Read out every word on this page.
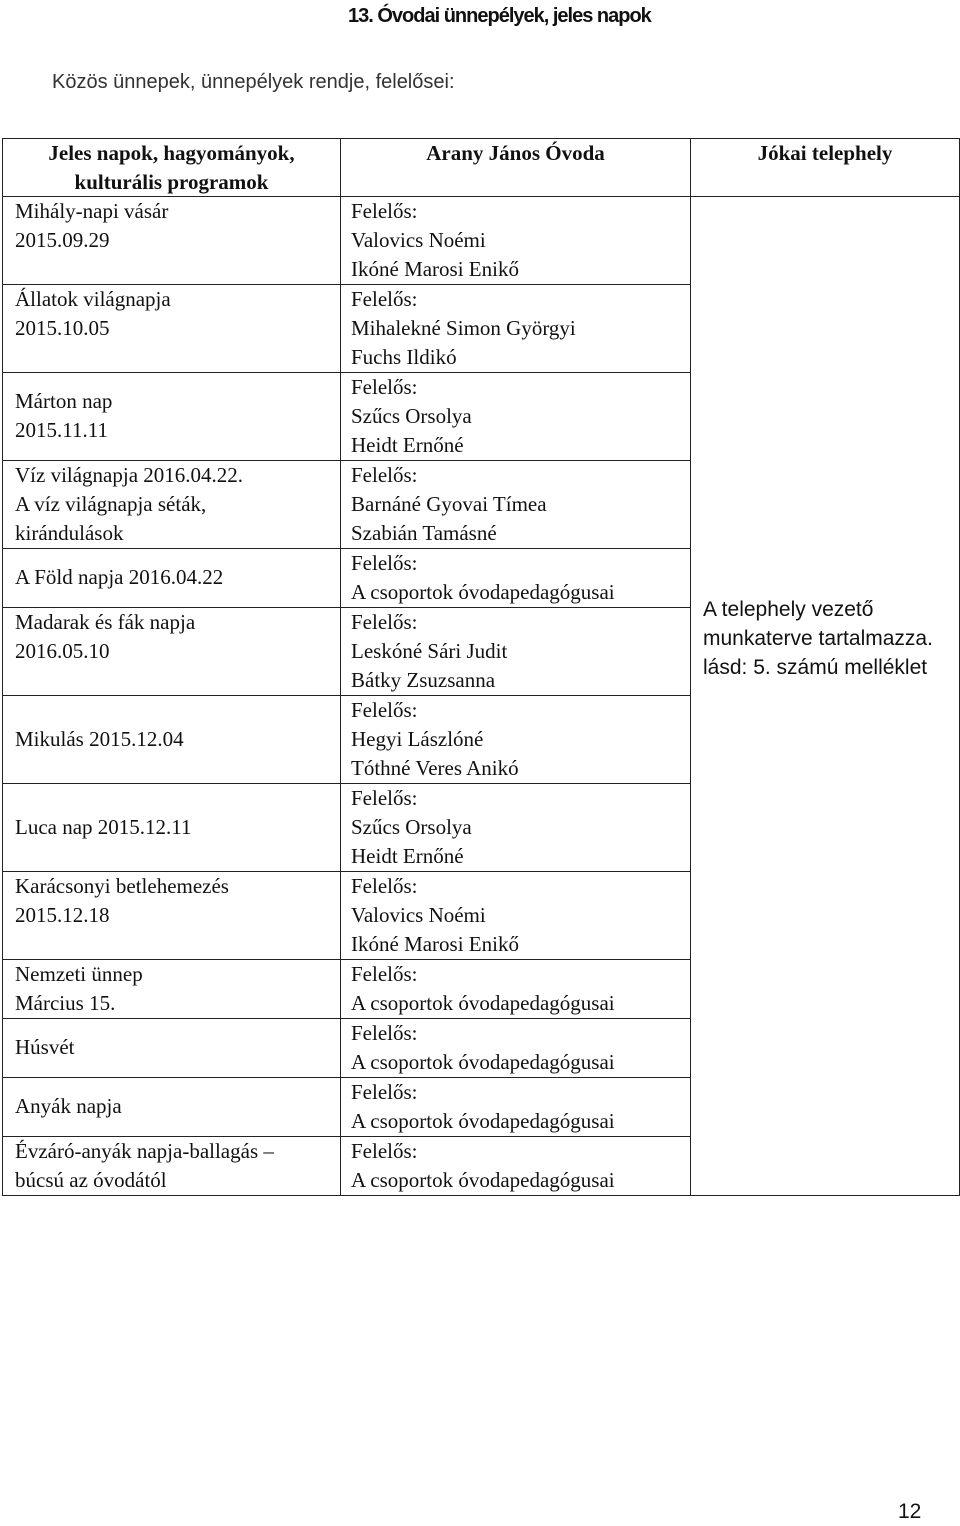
13. Óvodai ünnepélyek, jeles napok
Közös ünnepek, ünnepélyek rendje, felelősei:
Jeles napok, hagyományok,
kulturális programok	Arany János Óvoda	Jókai telephely

Mihály-napi vásár
2015.09.29	Felelős:
Valovics Noémi
Ikóné Marosi Enikő	A telephely vezető
munkaterve tartalmazza.
lásd: 5. számú melléklet

Állatok világnapja
2015.10.05	Felelős:
Mihalekné Simon Györgyi
Fuchs Ildikó	

Márton nap
2015.11.11	Felelős:
Szűcs Orsolya
Heidt Ernőné	

Víz világnapja 2016.04.22.
A víz világnapja séták,
kirándulások	Felelős:
Barnáné Gyovai Tímea
Szabián Tamásné	

A Föld napja 2016.04.22	Felelős:
A csoportok óvodapedagógusai	

Madarak és fák napja
2016.05.10	Felelős:
Leskóné Sári Judit
Bátky Zsuzsanna	

Mikulás 2015.12.04	Felelős:
Hegyi Lászlóné
Tóthné Veres Anikó	

Luca nap 2015.12.11	Felelős:
Szűcs Orsolya
Heidt Ernőné	

Karácsonyi betlehemezés
2015.12.18	Felelős:
Valovics Noémi
Ikóné Marosi Enikő	

Nemzeti ünnep
Március 15.	Felelős:
A csoportok óvodapedagógusai	

Húsvét	Felelős:
A csoportok óvodapedagógusai	

Anyák napja	Felelős:
A csoportok óvodapedagógusai	

Évzáró-anyák napja-ballagás –
búcsú az óvodától	Felelős:
A csoportok óvodapedagógusai	
12
